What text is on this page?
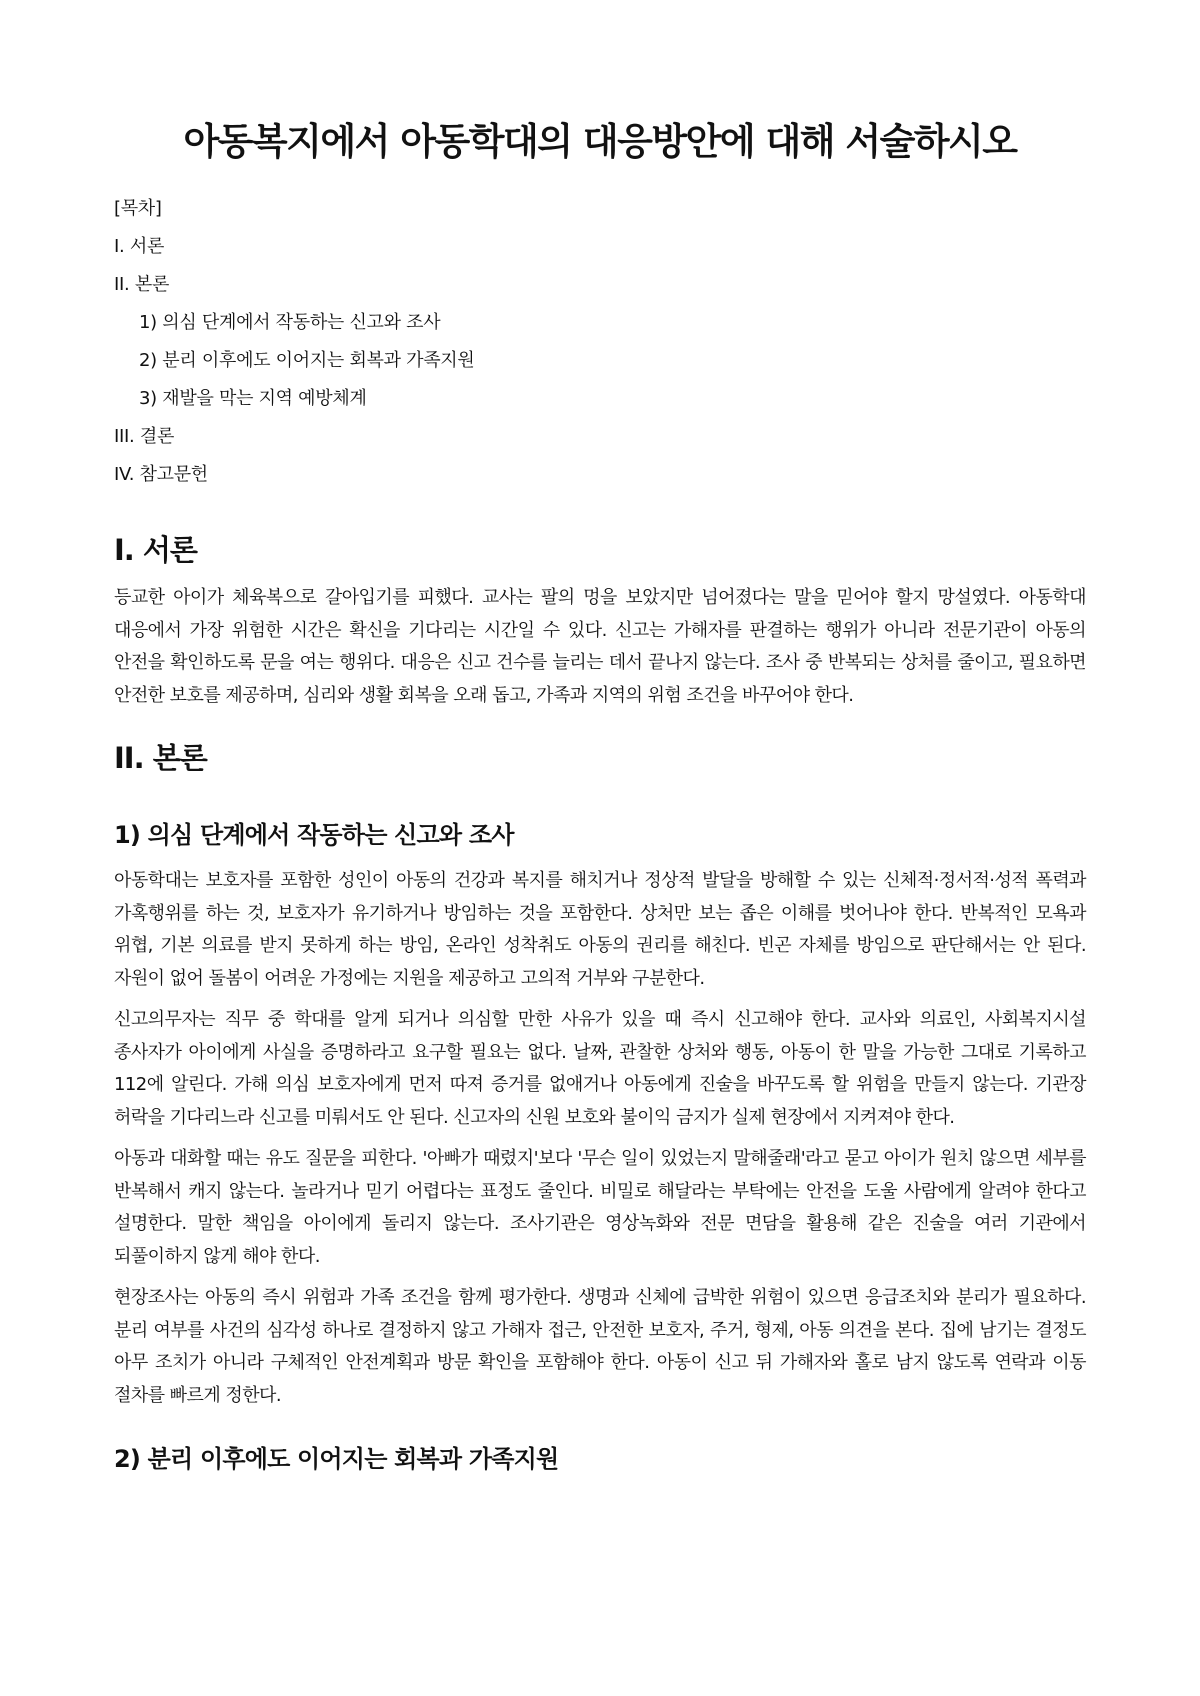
아동복지에서 아동학대의 대응방안에 대해 서술하시오
[목차]
I. 서론
II. 본론
1) 의심 단계에서 작동하는 신고와 조사
2) 분리 이후에도 이어지는 회복과 가족지원
3) 재발을 막는 지역 예방체계
III. 결론
IV. 참고문헌
I. 서론

등교한 아이가 체육복으로 갈아입기를 피했다. 교사는 팔의 멍을 보았지만 넘어졌다는 말을 믿어야 할지 망설였다. 아동학대 대응에서 가장 위험한 시간은 확신을 기다리는 시간일 수 있다. 신고는 가해자를 판결하는 행위가 아니라 전문기관이 아동의 안전을 확인하도록 문을 여는 행위다. 대응은 신고 건수를 늘리는 데서 끝나지 않는다. 조사 중 반복되는 상처를 줄이고, 필요하면 안전한 보호를 제공하며, 심리와 생활 회복을 오래 돕고, 가족과 지역의 위험 조건을 바꾸어야 한다.

II. 본론
1) 의심 단계에서 작동하는 신고와 조사

아동학대는 보호자를 포함한 성인이 아동의 건강과 복지를 해치거나 정상적 발달을 방해할 수 있는 신체적·정서적·성적 폭력과 가혹행위를 하는 것, 보호자가 유기하거나 방임하는 것을 포함한다. 상처만 보는 좁은 이해를 벗어나야 한다. 반복적인 모욕과 위협, 기본 의료를 받지 못하게 하는 방임, 온라인 성착취도 아동의 권리를 해친다. 빈곤 자체를 방임으로 판단해서는 안 된다. 자원이 없어 돌봄이 어려운 가정에는 지원을 제공하고 고의적 거부와 구분한다.

신고의무자는 직무 중 학대를 알게 되거나 의심할 만한 사유가 있을 때 즉시 신고해야 한다. 교사와 의료인, 사회복지시설 종사자가 아이에게 사실을 증명하라고 요구할 필요는 없다. 날짜, 관찰한 상처와 행동, 아동이 한 말을 가능한 그대로 기록하고 112에 알린다. 가해 의심 보호자에게 먼저 따져 증거를 없애거나 아동에게 진술을 바꾸도록 할 위험을 만들지 않는다. 기관장 허락을 기다리느라 신고를 미뤄서도 안 된다. 신고자의 신원 보호와 불이익 금지가 실제 현장에서 지켜져야 한다.

아동과 대화할 때는 유도 질문을 피한다. '아빠가 때렸지'보다 '무슨 일이 있었는지 말해줄래'라고 묻고 아이가 원치 않으면 세부를 반복해서 캐지 않는다. 놀라거나 믿기 어렵다는 표정도 줄인다. 비밀로 해달라는 부탁에는 안전을 도울 사람에게 알려야 한다고 설명한다. 말한 책임을 아이에게 돌리지 않는다. 조사기관은 영상녹화와 전문 면담을 활용해 같은 진술을 여러 기관에서 되풀이하지 않게 해야 한다.

현장조사는 아동의 즉시 위험과 가족 조건을 함께 평가한다. 생명과 신체에 급박한 위험이 있으면 응급조치와 분리가 필요하다. 분리 여부를 사건의 심각성 하나로 결정하지 않고 가해자 접근, 안전한 보호자, 주거, 형제, 아동 의견을 본다. 집에 남기는 결정도 아무 조치가 아니라 구체적인 안전계획과 방문 확인을 포함해야 한다. 아동이 신고 뒤 가해자와 홀로 남지 않도록 연락과 이동 절차를 빠르게 정한다.

2) 분리 이후에도 이어지는 회복과 가족지원
